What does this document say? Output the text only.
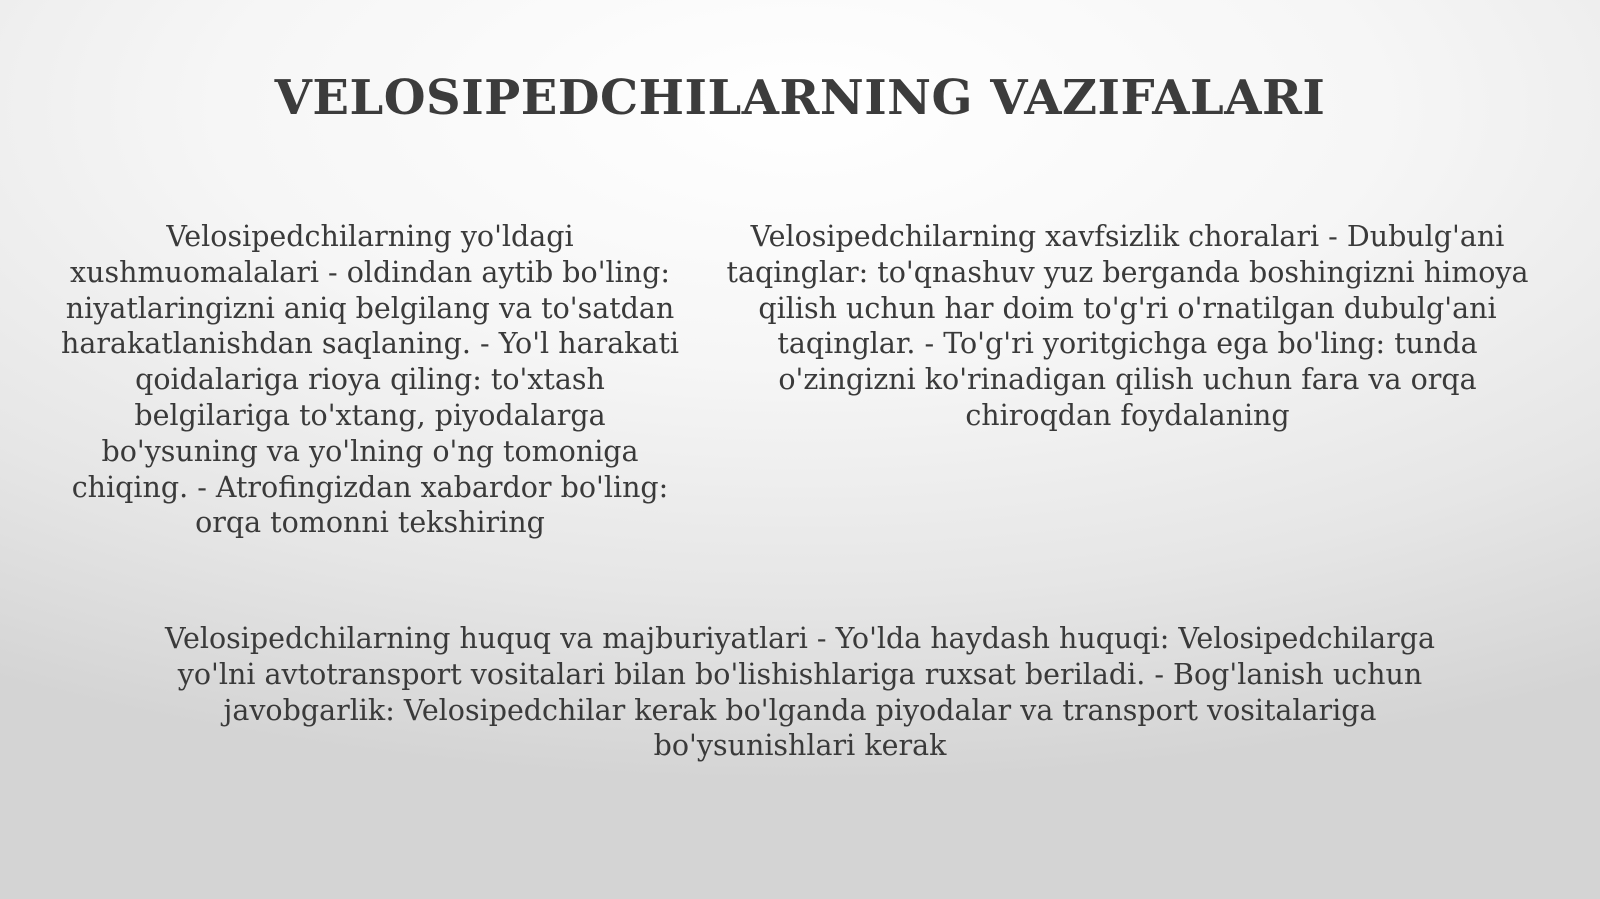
VELOSIPEDCHILARNING VAZIFALARI
Velosipedchilarning yo'ldagi xushmuomalalari - oldindan aytib bo'ling: niyatlaringizni aniq belgilang va to'satdan harakatlanishdan saqlaning. - Yo'l harakati qoidalariga rioya qiling: to'xtash belgilariga to'xtang, piyodalarga bo'ysuning va yo'lning o'ng tomoniga chiqing. - Atrofingizdan xabardor bo'ling: orqa tomonni tekshiring
Velosipedchilarning xavfsizlik choralari - Dubulg'ani taqinglar: to'qnashuv yuz berganda boshingizni himoya qilish uchun har doim to'g'ri o'rnatilgan dubulg'ani taqinglar. - To'g'ri yoritgichga ega bo'ling: tunda o'zingizni ko'rinadigan qilish uchun fara va orqa chiroqdan foydalaning
Velosipedchilarning huquq va majburiyatlari - Yo'lda haydash huquqi: Velosipedchilarga yo'lni avtotransport vositalari bilan bo'lishishlariga ruxsat beriladi. - Bog'lanish uchun javobgarlik: Velosipedchilar kerak bo'lganda piyodalar va transport vositalariga bo'ysunishlari kerak
